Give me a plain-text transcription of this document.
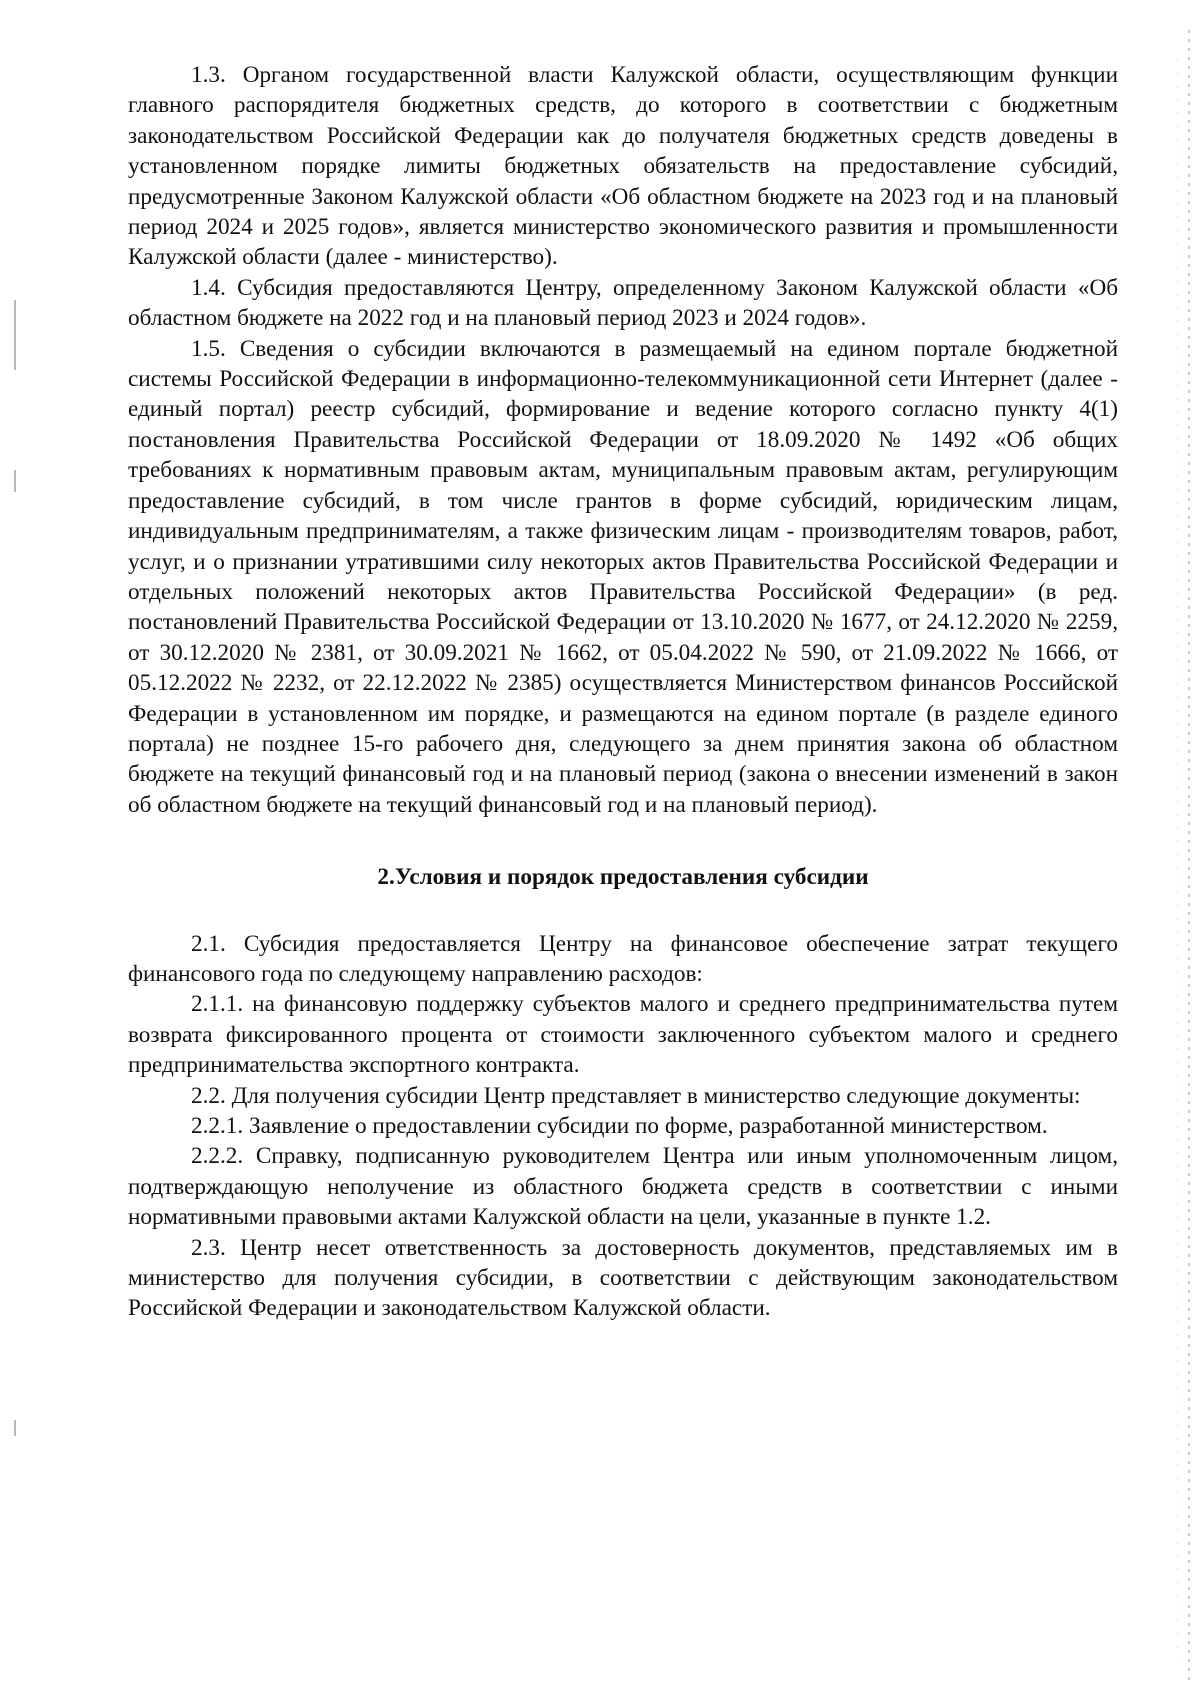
1.3. Органом государственной власти Калужской области, осуществляющим функции главного распорядителя бюджетных средств, до которого в соответствии с бюджетным законодательством Российской Федерации как до получателя бюджетных средств доведены в установленном порядке лимиты бюджетных обязательств на предоставление субсидий, предусмотренные Законом Калужской области «Об областном бюджете на 2023 год и на плановый период 2024 и 2025 годов», является министерство экономического развития и промышленности Калужской области (далее - министерство).

1.4. Субсидия предоставляются Центру, определенному Законом Калужской области «Об областном бюджете на 2022 год и на плановый период 2023 и 2024 годов».

1.5. Сведения о субсидии включаются в размещаемый на едином портале бюджетной системы Российской Федерации в информационно-телекоммуникационной сети Интернет (далее - единый портал) реестр субсидий, формирование и ведение которого согласно пункту 4(1) постановления Правительства Российской Федерации от 18.09.2020 № 1492 «Об общих требованиях к нормативным правовым актам, муниципальным правовым актам, регулирующим предоставление субсидий, в том числе грантов в форме субсидий, юридическим лицам, индивидуальным предпринимателям, а также физическим лицам - производителям товаров, работ, услуг, и о признании утратившими силу некоторых актов Правительства Российской Федерации и отдельных положений некоторых актов Правительства Российской Федерации» (в ред. постановлений Правительства Российской Федерации от 13.10.2020 № 1677, от 24.12.2020 № 2259, от 30.12.2020 № 2381, от 30.09.2021 № 1662, от 05.04.2022 № 590, от 21.09.2022 № 1666, от 05.12.2022 № 2232, от 22.12.2022 № 2385) осуществляется Министерством финансов Российской Федерации в установленном им порядке, и размещаются на едином портале (в разделе единого портала) не позднее 15-го рабочего дня, следующего за днем принятия закона об областном бюджете на текущий финансовый год и на плановый период (закона о внесении изменений в закон об областном бюджете на текущий финансовый год и на плановый период).

2.Условия и порядок предоставления субсидии

2.1. Субсидия предоставляется Центру на финансовое обеспечение затрат текущего финансового года по следующему направлению расходов:

2.1.1. на финансовую поддержку субъектов малого и среднего предпринимательства путем возврата фиксированного процента от стоимости заключенного субъектом малого и среднего предпринимательства экспортного контракта.

2.2. Для получения субсидии Центр представляет в министерство следующие документы:

2.2.1. Заявление о предоставлении субсидии по форме, разработанной министерством.

2.2.2. Справку, подписанную руководителем Центра или иным уполномоченным лицом, подтверждающую неполучение из областного бюджета средств в соответствии с иными нормативными правовыми актами Калужской области на цели, указанные в пункте 1.2.

2.3. Центр несет ответственность за достоверность документов, представляемых им в министерство для получения субсидии, в соответствии с действующим законодательством Российской Федерации и законодательством Калужской области.
